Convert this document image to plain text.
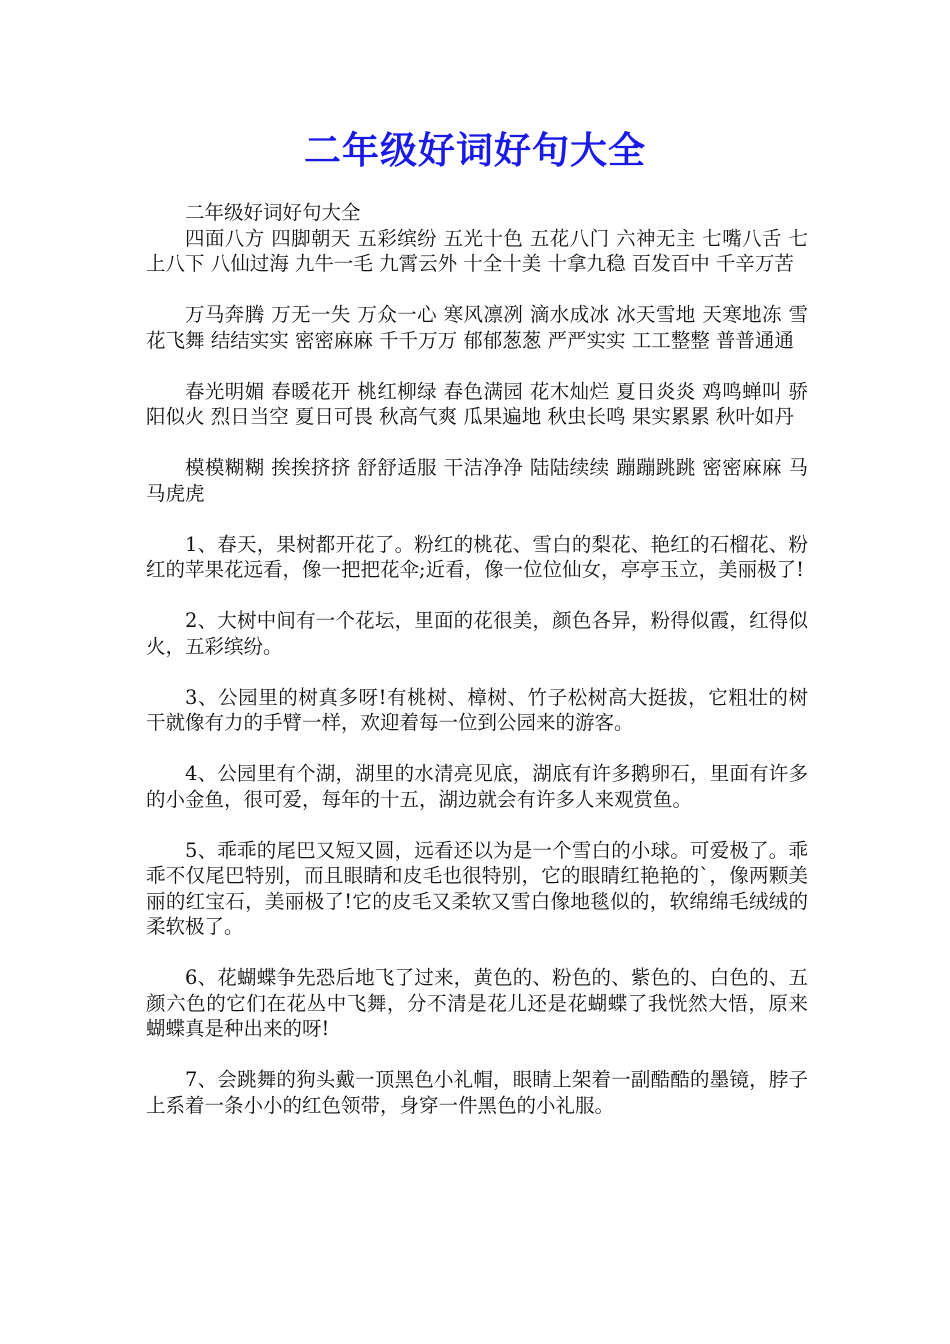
二年级好词好句大全

二年级好词好句大全

四面八方 四脚朝天 五彩缤纷 五光十色 五花八门 六神无主 七嘴八舌 七上八下 八仙过海 九牛一毛 九霄云外 十全十美 十拿九稳 百发百中 千辛万苦

万马奔腾 万无一失 万众一心 寒风凛冽 滴水成冰 冰天雪地 天寒地冻 雪花飞舞 结结实实 密密麻麻 千千万万 郁郁葱葱 严严实实 工工整整 普普通通

春光明媚 春暖花开 桃红柳绿 春色满园 花木灿烂 夏日炎炎 鸡鸣蝉叫 骄阳似火 烈日当空 夏日可畏 秋高气爽 瓜果遍地 秋虫长鸣 果实累累 秋叶如丹

模模糊糊 挨挨挤挤 舒舒适服 干洁净净 陆陆续续 蹦蹦跳跳 密密麻麻 马马虎虎

1、春天，果树都开花了。粉红的桃花、雪白的梨花、艳红的石榴花、粉红的苹果花远看，像一把把花伞;近看，像一位位仙女，亭亭玉立，美丽极了!

2、大树中间有一个花坛，里面的花很美，颜色各异，粉得似霞，红得似火，五彩缤纷。

3、公园里的树真多呀!有桃树、樟树、竹子松树高大挺拔，它粗壮的树干就像有力的手臂一样，欢迎着每一位到公园来的游客。

4、公园里有个湖，湖里的水清亮见底，湖底有许多鹅卵石，里面有许多的小金鱼，很可爱，每年的十五，湖边就会有许多人来观赏鱼。

5、乖乖的尾巴又短又圆，远看还以为是一个雪白的小球。可爱极了。乖乖不仅尾巴特别，而且眼睛和皮毛也很特别，它的眼睛红艳艳的`，像两颗美丽的红宝石，美丽极了!它的皮毛又柔软又雪白像地毯似的，软绵绵毛绒绒的柔软极了。

6、花蝴蝶争先恐后地飞了过来，黄色的、粉色的、紫色的、白色的、五颜六色的它们在花丛中飞舞，分不清是花儿还是花蝴蝶了我恍然大悟，原来蝴蝶真是种出来的呀!

7、会跳舞的狗头戴一顶黑色小礼帽，眼睛上架着一副酷酷的墨镜，脖子上系着一条小小的红色领带，身穿一件黑色的小礼服。
